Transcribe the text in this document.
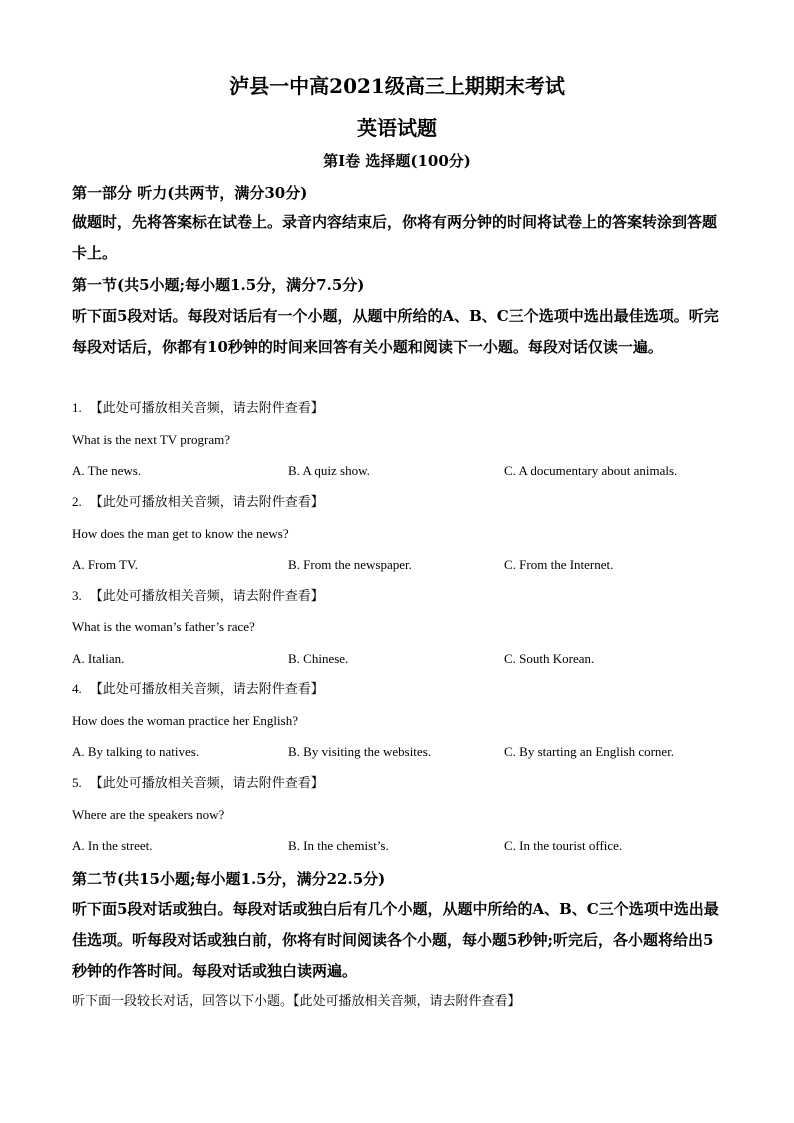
泸县一中高2021级高三上期期末考试
英语试题
第I卷 选择题(100分)
第一部分 听力(共两节，满分30分)
做题时，先将答案标在试卷上。录音内容结束后，你将有两分钟的时间将试卷上的答案转涂到答题卡上。
第一节(共5小题;每小题1.5分，满分7.5分)
听下面5段对话。每段对话后有一个小题，从题中所给的A、B、C三个选项中选出最佳选项。听完每段对话后，你都有10秒钟的时间来回答有关小题和阅读下一小题。每段对话仅读一遍。
1. 【此处可播放相关音频，请去附件查看】
What is the next TV program?
A. The news.	B. A quiz show.	C. A documentary about animals.
2. 【此处可播放相关音频，请去附件查看】
How does the man get to know the news?
A. From TV.	B. From the newspaper.	C. From the Internet.
3. 【此处可播放相关音频，请去附件查看】
What is the woman’s father’s race?
A. Italian.	B. Chinese.	C. South Korean.
4. 【此处可播放相关音频，请去附件查看】
How does the woman practice her English?
A. By talking to natives.	B. By visiting the websites.	C. By starting an English corner.
5. 【此处可播放相关音频，请去附件查看】
Where are the speakers now?
A. In the street.	B. In the chemist’s.	C. In the tourist office.
第二节(共15小题;每小题1.5分，满分22.5分)
听下面5段对话或独白。每段对话或独白后有几个小题，从题中所给的A、B、C三个选项中选出最佳选项。听每段对话或独白前，你将有时间阅读各个小题，每小题5秒钟;听完后，各小题将给出5秒钟的作答时间。每段对话或独白读两遍。
听下面一段较长对话，回答以下小题。【此处可播放相关音频，请去附件查看】
